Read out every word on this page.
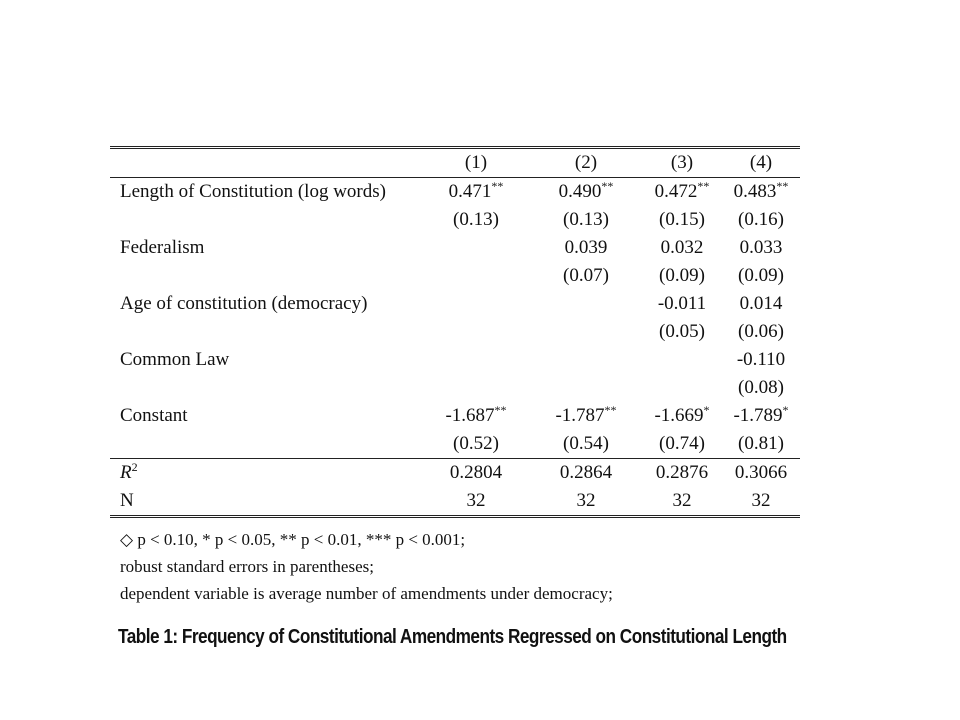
	(1)	(2)	(3)	(4)
Length of Constitution (log words)	0.471**	0.490**	0.472**	0.483**
	(0.13)	(0.13)	(0.15)	(0.16)
Federalism		0.039	0.032	0.033
		(0.07)	(0.09)	(0.09)
Age of constitution (democracy)			-0.011	0.014
			(0.05)	(0.06)
Common Law				-0.110
				(0.08)
Constant	-1.687**	-1.787**	-1.669*	-1.789*
	(0.52)	(0.54)	(0.74)	(0.81)
$R^2$	0.2804	0.2864	0.2876	0.3066
N	32	32	32	32
◇ p < 0.10, * p < 0.05, ** p < 0.01, *** p < 0.001;
robust standard errors in parentheses;
dependent variable is average number of amendments under democracy;
Table 1: Frequency of Constitutional Amendments Regressed on Constitutional Length
